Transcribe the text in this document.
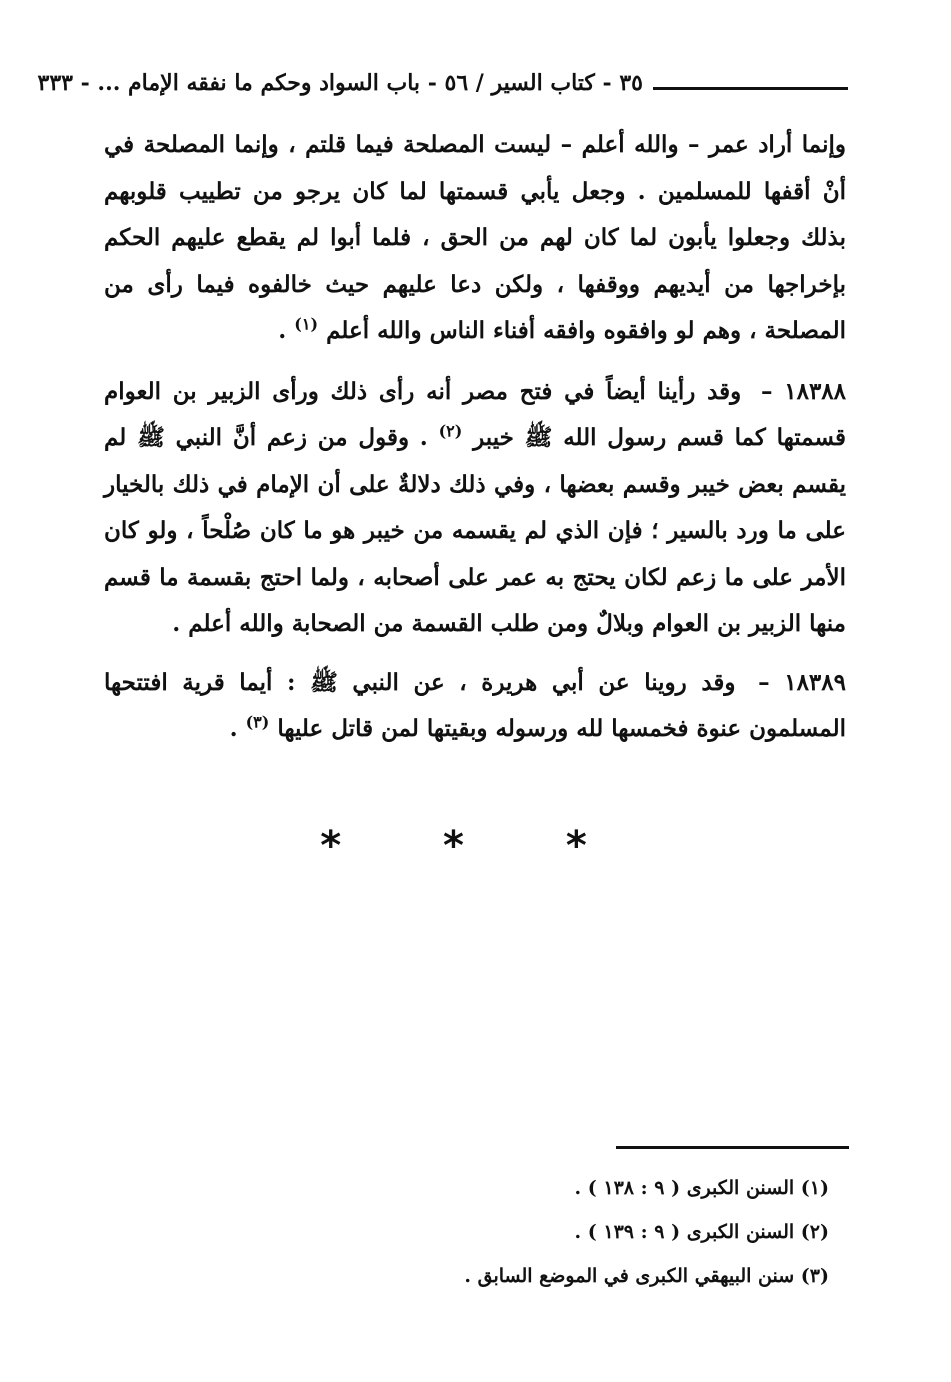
٣٥ - كتاب السير / ٥٦ - باب السواد وحكم ما نفقه الإمام ... - ٣٣٣

وإنما أراد عمر – والله أعلم – ليست المصلحة فيما قلتم ، وإنما المصلحة في أنْ أقفها للمسلمين . وجعل يأبي قسمتها لما كان يرجو من تطييب قلوبهم بذلك وجعلوا يأبون لما كان لهم من الحق ، فلما أبوا لم يقطع عليهم الحكم بإخراجها من أيديهم ووقفها ، ولكن دعا عليهم حيث خالفوه فيما رأى من المصلحة ، وهم لو وافقوه وافقه أفناء الناس والله أعلم $^{(١)}$ .

١٨٣٨٨ – وقد رأينا أيضاً في فتح مصر أنه رأى ذلك ورأى الزبير بن العوام قسمتها كما قسم رسول الله ﷺ خيبر $^{(٢)}$ . وقول من زعم أنَّ النبي ﷺ لم يقسم بعض خيبر وقسم بعضها ، وفي ذلك دلالةٌ على أن الإمام في ذلك بالخيار على ما ورد بالسير ؛ فإن الذي لم يقسمه من خيبر هو ما كان صُلْحاً ، ولو كان الأمر على ما زعم لكان يحتج به عمر على أصحابه ، ولما احتج بقسمة ما قسم منها الزبير بن العوام وبلالٌ ومن طلب القسمة من الصحابة والله أعلم .

١٨٣٨٩ – وقد روينا عن أبي هريرة ، عن النبي ﷺ : أيما قرية افتتحها المسلمون عنوة فخمسها لله ورسوله وبقيتها لمن قاتل عليها $^{(٣)}$ .

* * *
(١) السنن الكبرى ( ٩ : ١٣٨ ) .
(٢) السنن الكبرى ( ٩ : ١٣٩ ) .
(٣) سنن البيهقي الكبرى في الموضع السابق .
